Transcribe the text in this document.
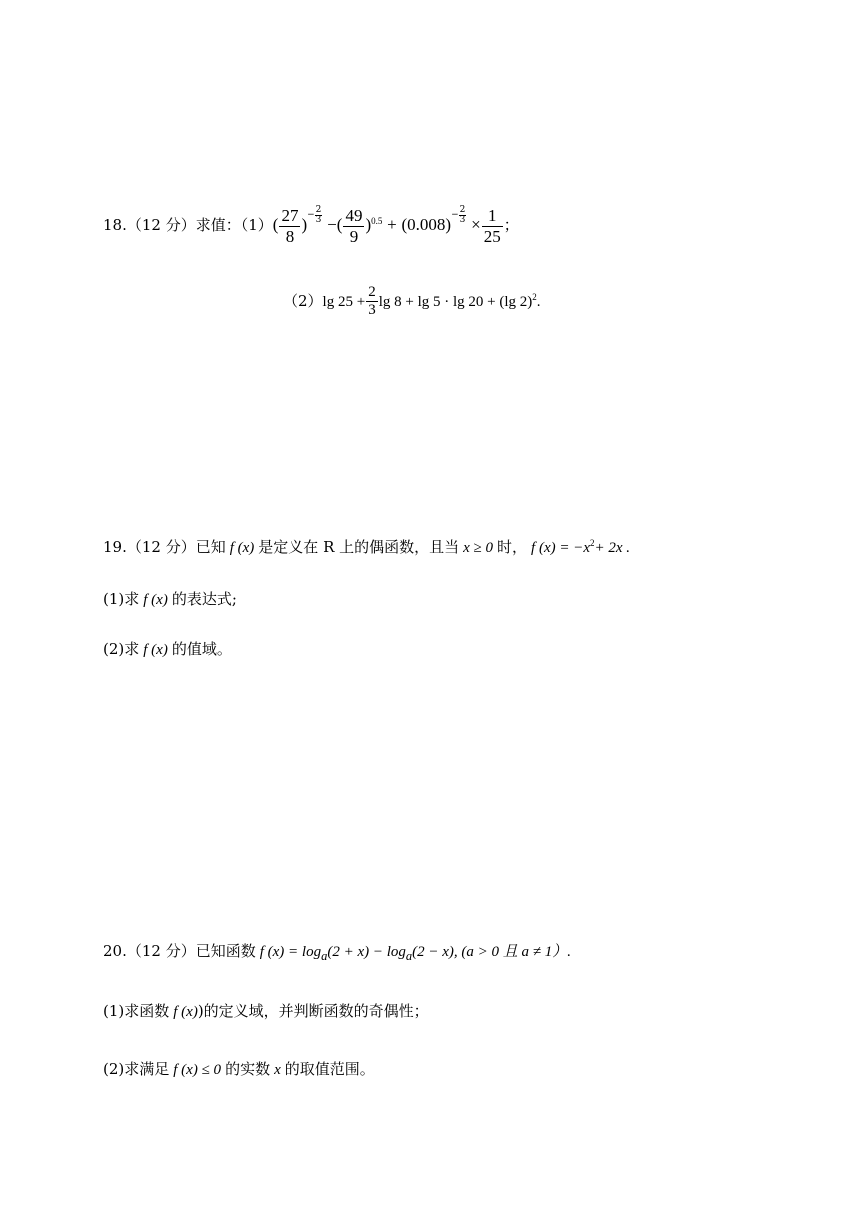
18.（12 分）求值：$(1)( \frac{27}{8}$ )− $\frac{2}{3}$ −( $\frac{49}{9} )^{0.5} + (0.008)- \frac{2}{3} \times \frac{1}{25}$ ；
（2）lg $25 + \frac{2}{3}$ lg 8 + lg 5 · lg 20 + (lg 2)$^2$.
19.（12 分）已知 f (x) 是定义在 R 上的偶函数，且当 x ≥ 0 时， f $(x) = -x^2+ 2x$ .
(1)求 f (x) 的表达式;
(2)求 f (x) 的值域。
20.（12 分）已知函数 f $(x) = \log_a(2 + x) - \log_a(2 - x)$, (a > 0 且 a ≠ 1）.
(1)求函数 f (x))的定义域，并判断函数的奇偶性；
(2)求满足 f (x) ≤ 0 的实数 x 的取值范围。
